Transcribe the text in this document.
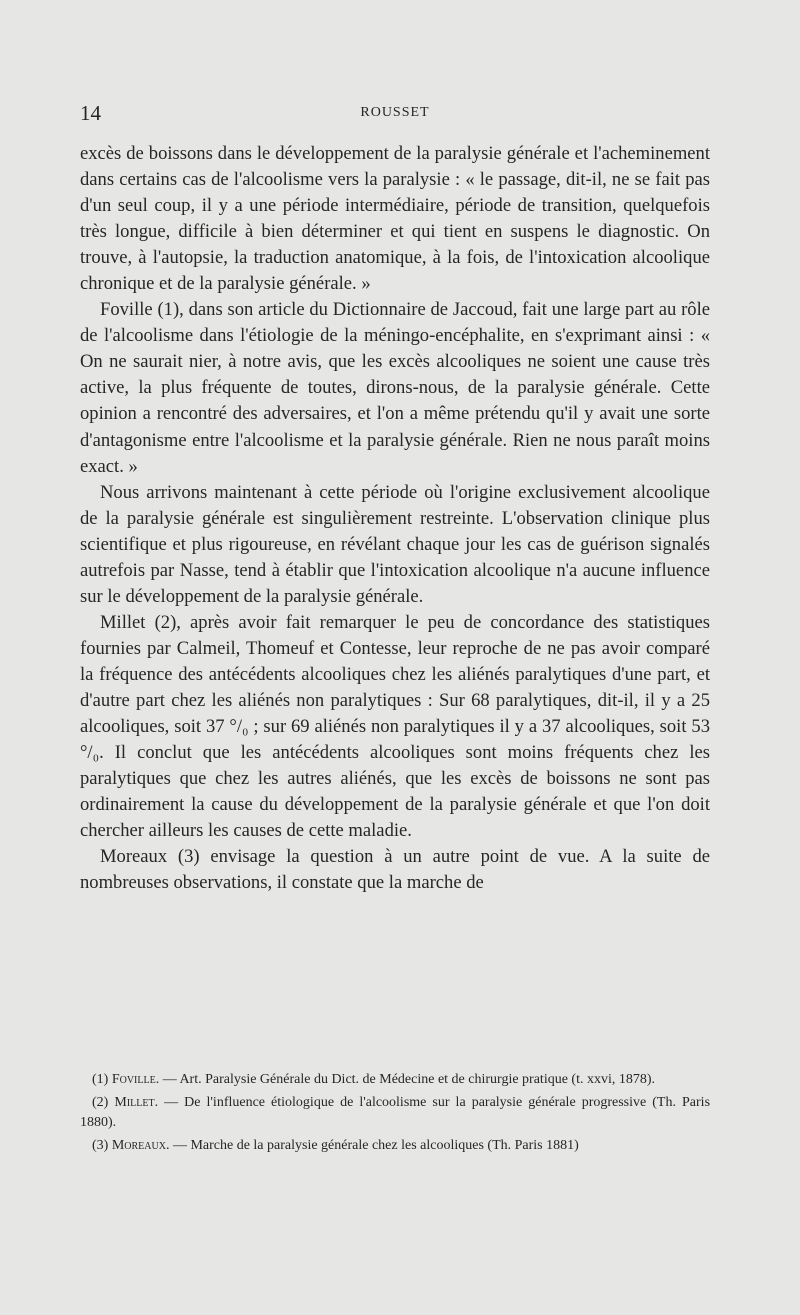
14	ROUSSET

excès de boissons dans le développement de la paralysie générale et l'acheminement dans certains cas de l'alcoolisme vers la paralysie : « le passage, dit-il, ne se fait pas d'un seul coup, il y a une période intermédiaire, période de transition, quelquefois très longue, difficile à bien déterminer et qui tient en suspens le diagnostic. On trouve, à l'autopsie, la traduction anatomique, à la fois, de l'intoxication alcoolique chronique et de la paralysie générale. »

Foville (1), dans son article du Dictionnaire de Jaccoud, fait une large part au rôle de l'alcoolisme dans l'étiologie de la méningo-encéphalite, en s'exprimant ainsi : « On ne saurait nier, à notre avis, que les excès alcooliques ne soient une cause très active, la plus fréquente de toutes, dirons-nous, de la paralysie générale. Cette opinion a rencontré des adversaires, et l'on a même prétendu qu'il y avait une sorte d'antagonisme entre l'alcoolisme et la paralysie générale. Rien ne nous paraît moins exact. »

Nous arrivons maintenant à cette période où l'origine exclusivement alcoolique de la paralysie générale est singulièrement restreinte. L'observation clinique plus scientifique et plus rigoureuse, en révélant chaque jour les cas de guérison signalés autrefois par Nasse, tend à établir que l'intoxication alcoolique n'a aucune influence sur le développement de la paralysie générale.

Millet (2), après avoir fait remarquer le peu de concordance des statistiques fournies par Calmeil, Thomeuf et Contesse, leur reproche de ne pas avoir comparé la fréquence des antécédents alcooliques chez les aliénés paralytiques d'une part, et d'autre part chez les aliénés non paralytiques : Sur 68 paralytiques, dit-il, il y a 25 alcooliques, soit 37 °/₀ ; sur 69 aliénés non paralytiques il y a 37 alcooliques, soit 53 °/₀. Il conclut que les antécédents alcooliques sont moins fréquents chez les paralytiques que chez les autres aliénés, que les excès de boissons ne sont pas ordinairement la cause du développement de la paralysie générale et que l'on doit chercher ailleurs les causes de cette maladie.

Moreaux (3) envisage la question à un autre point de vue. A la suite de nombreuses observations, il constate que la marche de

(1) Foville. — Art. Paralysie Générale du Dict. de Médecine et de chirurgie pratique (t. xxvi, 1878).

(2) Millet. — De l'influence étiologique de l'alcoolisme sur la paralysie générale progressive (Th. Paris 1880).

(3) Moreaux. — Marche de la paralysie générale chez les alcooliques (Th. Paris 1881)
